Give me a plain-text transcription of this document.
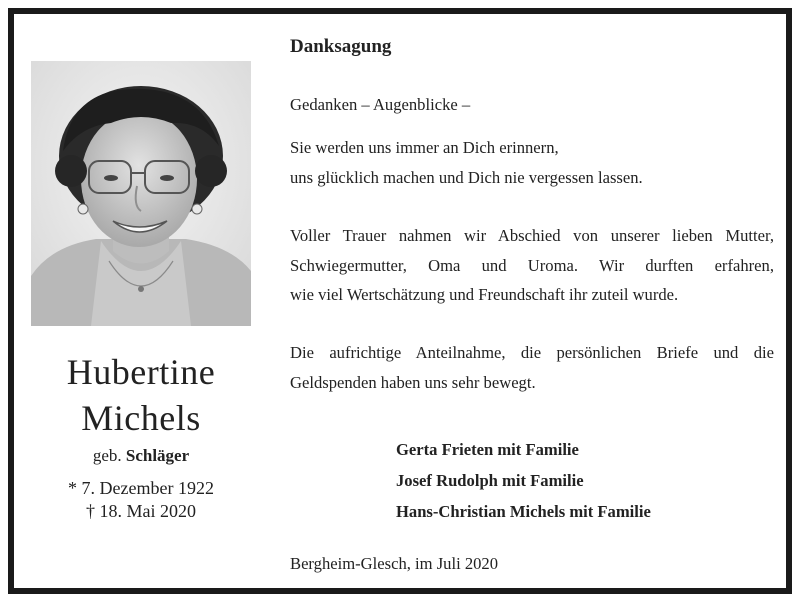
Hubertine
Michels
geb. Schläger
* 7. Dezember 1922
† 18. Mai 2020
Danksagung
Gedanken – Augenblicke –
Sie werden uns immer an Dich erinnern,
uns glücklich machen und Dich nie vergessen lassen.
Voller Trauer nahmen wir Abschied von unserer lieben Mutter,
Schwiegermutter, Oma und Uroma. Wir durften erfahren,
wie viel Wertschätzung und Freundschaft ihr zuteil wurde.
Die aufrichtige Anteilnahme, die persönlichen Briefe und die
Geldspenden haben uns sehr bewegt.
Gerta Frieten mit Familie
Josef Rudolph mit Familie
Hans-Christian Michels mit Familie
Bergheim-Glesch, im Juli 2020
